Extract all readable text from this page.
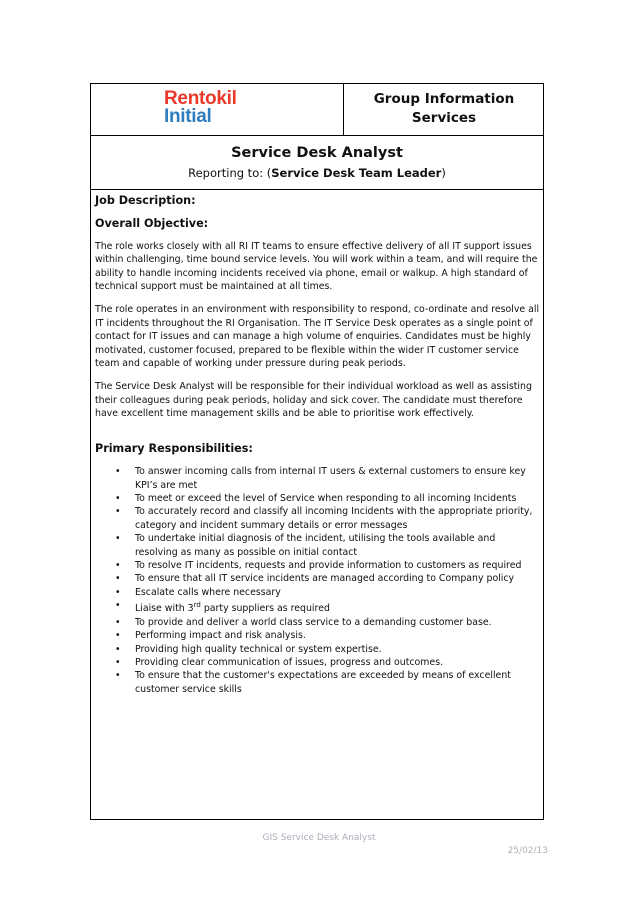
Rentokil
Initial
Group Information
Services
Service Desk Analyst
Reporting to: (Service Desk Team Leader)

Job Description:

Overall Objective:

The role works closely with all RI IT teams to ensure effective delivery of all IT support issues within challenging, time bound service levels. You will work within a team, and will require the ability to handle incoming incidents received via phone, email or walkup. A high standard of technical support must be maintained at all times.

The role operates in an environment with responsibility to respond, co-ordinate and resolve all IT incidents throughout the RI Organisation. The IT Service Desk operates as a single point of contact for IT issues and can manage a high volume of enquiries. Candidates must be highly motivated, customer focused, prepared to be flexible within the wider IT customer service team and capable of working under pressure during peak periods.

The Service Desk Analyst will be responsible for their individual workload as well as assisting their colleagues during peak periods, holiday and sick cover. The candidate must therefore have excellent time management skills and be able to prioritise work effectively.

Primary Responsibilities:

• To answer incoming calls from internal IT users & external customers to ensure key KPI’s are met
• To meet or exceed the level of Service when responding to all incoming Incidents
• To accurately record and classify all incoming Incidents with the appropriate priority, category and incident summary details or error messages
• To undertake initial diagnosis of the incident, utilising the tools available and resolving as many as possible on initial contact
• To resolve IT incidents, requests and provide information to customers as required
• To ensure that all IT service incidents are managed according to Company policy
• Escalate calls where necessary
• Liaise with 3rd party suppliers as required
• To provide and deliver a world class service to a demanding customer base.
• Performing impact and risk analysis.
• Providing high quality technical or system expertise.
• Providing clear communication of issues, progress and outcomes.
• To ensure that the customer's expectations are exceeded by means of excellent customer service skills
GIS Service Desk Analyst
25/02/13
